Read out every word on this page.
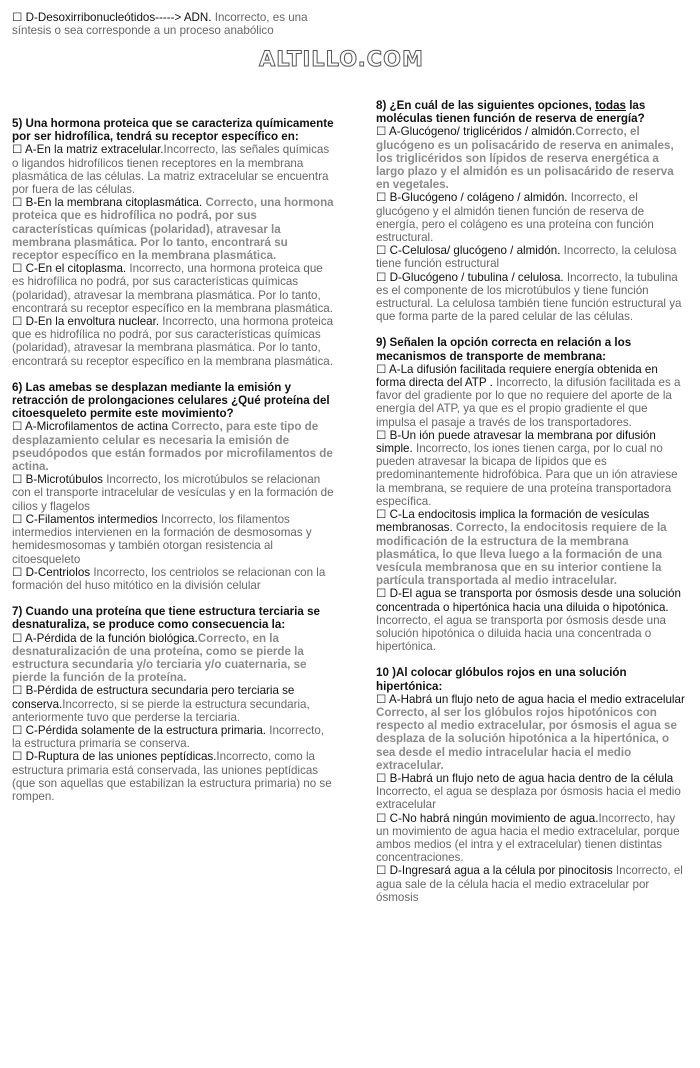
☐ D-Desoxirribonucleótidos-----> ADN. Incorrecto, es una síntesis o sea corresponde a un proceso anabólico
ALTILLO.COM
5) Una hormona proteica que se caracteriza químicamente por ser hidrofílica, tendrá su receptor específico en:
☐ A-En la matriz extracelular.Incorrecto, las señales químicas o ligandos hidrofílicos tienen receptores en la membrana plasmática de las células. La matriz extracelular se encuentra por fuera de las células.
☐ B-En la membrana citoplasmática. Correcto, una hormona proteica que es hidrofílica no podrá, por sus características químicas (polaridad), atravesar la membrana plasmática. Por lo tanto, encontrará su receptor específico en la membrana plasmática.
☐ C-En el citoplasma. Incorrecto, una hormona proteica que es hidrofílica no podrá, por sus características químicas (polaridad), atravesar la membrana plasmática. Por lo tanto, encontrará su receptor específico en la membrana plasmática.
☐ D-En la envoltura nuclear. Incorrecto, una hormona proteica que es hidrofílica no podrá, por sus características químicas (polaridad), atravesar la membrana plasmática. Por lo tanto, encontrará su receptor específico en la membrana plasmática.
6) Las amebas se desplazan mediante la emisión y retracción de prolongaciones celulares ¿Qué proteína del citoesqueleto permite este movimiento?
☐ A-Microfilamentos de actina Correcto, para este tipo de desplazamiento celular es necesaria la emisión de pseudópodos que están formados por microfilamentos de actina.
☐ B-Microtúbulos Incorrecto, los microtúbulos se relacionan con el transporte intracelular de vesículas y en la formación de cilios y flagelos
☐ C-Filamentos intermedios Incorrecto, los filamentos intermedios intervienen en la formación de desmosomas y hemidesmosomas y también otorgan resistencia al citoesqueleto
☐ D-Centriolos Incorrecto, los centriolos se relacionan con la formación del huso mitótico en la división celular
7) Cuando una proteína que tiene estructura terciaria se desnaturaliza, se produce como consecuencia la:
☐ A-Pérdida de la función biológica.Correcto, en la desnaturalización de una proteína, como se pierde la estructura secundaria y/o terciaria y/o cuaternaria, se pierde la función de la proteína.
☐ B-Pérdida de estructura secundaria pero terciaria se conserva.Incorrecto, si se pierde la estructura secundaria, anteriormente tuvo que perderse la terciaria.
☐ C-Pérdida solamente de la estructura primaria. Incorrecto, la estructura primaria se conserva.
☐ D-Ruptura de las uniones peptídicas.Incorrecto, como la estructura primaria está conservada, las uniones peptídicas (que son aquellas que estabilizan la estructura primaria) no se rompen.
8) ¿En cuál de las siguientes opciones, todas las moléculas tienen función de reserva de energía?
☐ A-Glucógeno/ triglicéridos / almidón.Correcto, el glucógeno es un polisacárido de reserva en animales, los triglicéridos son lípidos de reserva energética a largo plazo y el almidón es un polisacárido de reserva en vegetales.
☐ B-Glucógeno / colágeno / almidón. Incorrecto, el glucógeno y el almidón tienen función de reserva de energía, pero el colágeno es una proteína con función estructural.
☐ C-Celulosa/ glucógeno / almidón. Incorrecto, la celulosa tiene función estructural
☐ D-Glucógeno / tubulina / celulosa. Incorrecto, la tubulina es el componente de los microtúbulos y tiene función estructural. La celulosa también tiene función estructural ya que forma parte de la pared celular de las células.
9) Señalen la opción correcta en relación a los mecanismos de transporte de membrana:
☐ A-La difusión facilitada requiere energía obtenida en forma directa del ATP . Incorrecto, la difusión facilitada es a favor del gradiente por lo que no requiere del aporte de la energía del ATP, ya que es el propio gradiente el que impulsa el pasaje a través de los transportadores.
☐ B-Un ión puede atravesar la membrana por difusión simple. Incorrecto, los iones tienen carga, por lo cual no pueden atravesar la bicapa de lípidos que es predominantemente hidrofóbica. Para que un ión atraviese la membrana, se requiere de una proteína transportadora específica.
☐ C-La endocitosis implica la formación de vesículas membranosas. Correcto, la endocitosis requiere de la modificación de la estructura de la membrana plasmática, lo que lleva luego a la formación de una vesícula membranosa que en su interior contiene la partícula transportada al medio intracelular.
☐ D-El agua se transporta por ósmosis desde una solución concentrada o hipertónica hacia una diluida o hipotónica. Incorrecto, el agua se transporta por ósmosis desde una solución hipotónica o diluida hacia una concentrada o hipertónica.
10 )Al colocar glóbulos rojos en una solución hipertónica:
☐ A-Habrá un flujo neto de agua hacia el medio extracelular Correcto, al ser los glóbulos rojos hipotónicos con respecto al medio extracelular, por ósmosis el agua se desplaza de la solución hipotónica a la hipertónica, o sea desde el medio intracelular hacia el medio extracelular.
☐ B-Habrá un flujo neto de agua hacia dentro de la célula Incorrecto, el agua se desplaza por ósmosis hacia el medio extracelular
☐ C-No habrá ningún movimiento de agua.Incorrecto, hay un movimiento de agua hacia el medio extracelular, porque ambos medios (el intra y el extracelular) tienen distintas concentraciones.
☐ D-Ingresará agua a la célula por pinocitosis Incorrecto, el agua sale de la célula hacia el medio extracelular por ósmosis
